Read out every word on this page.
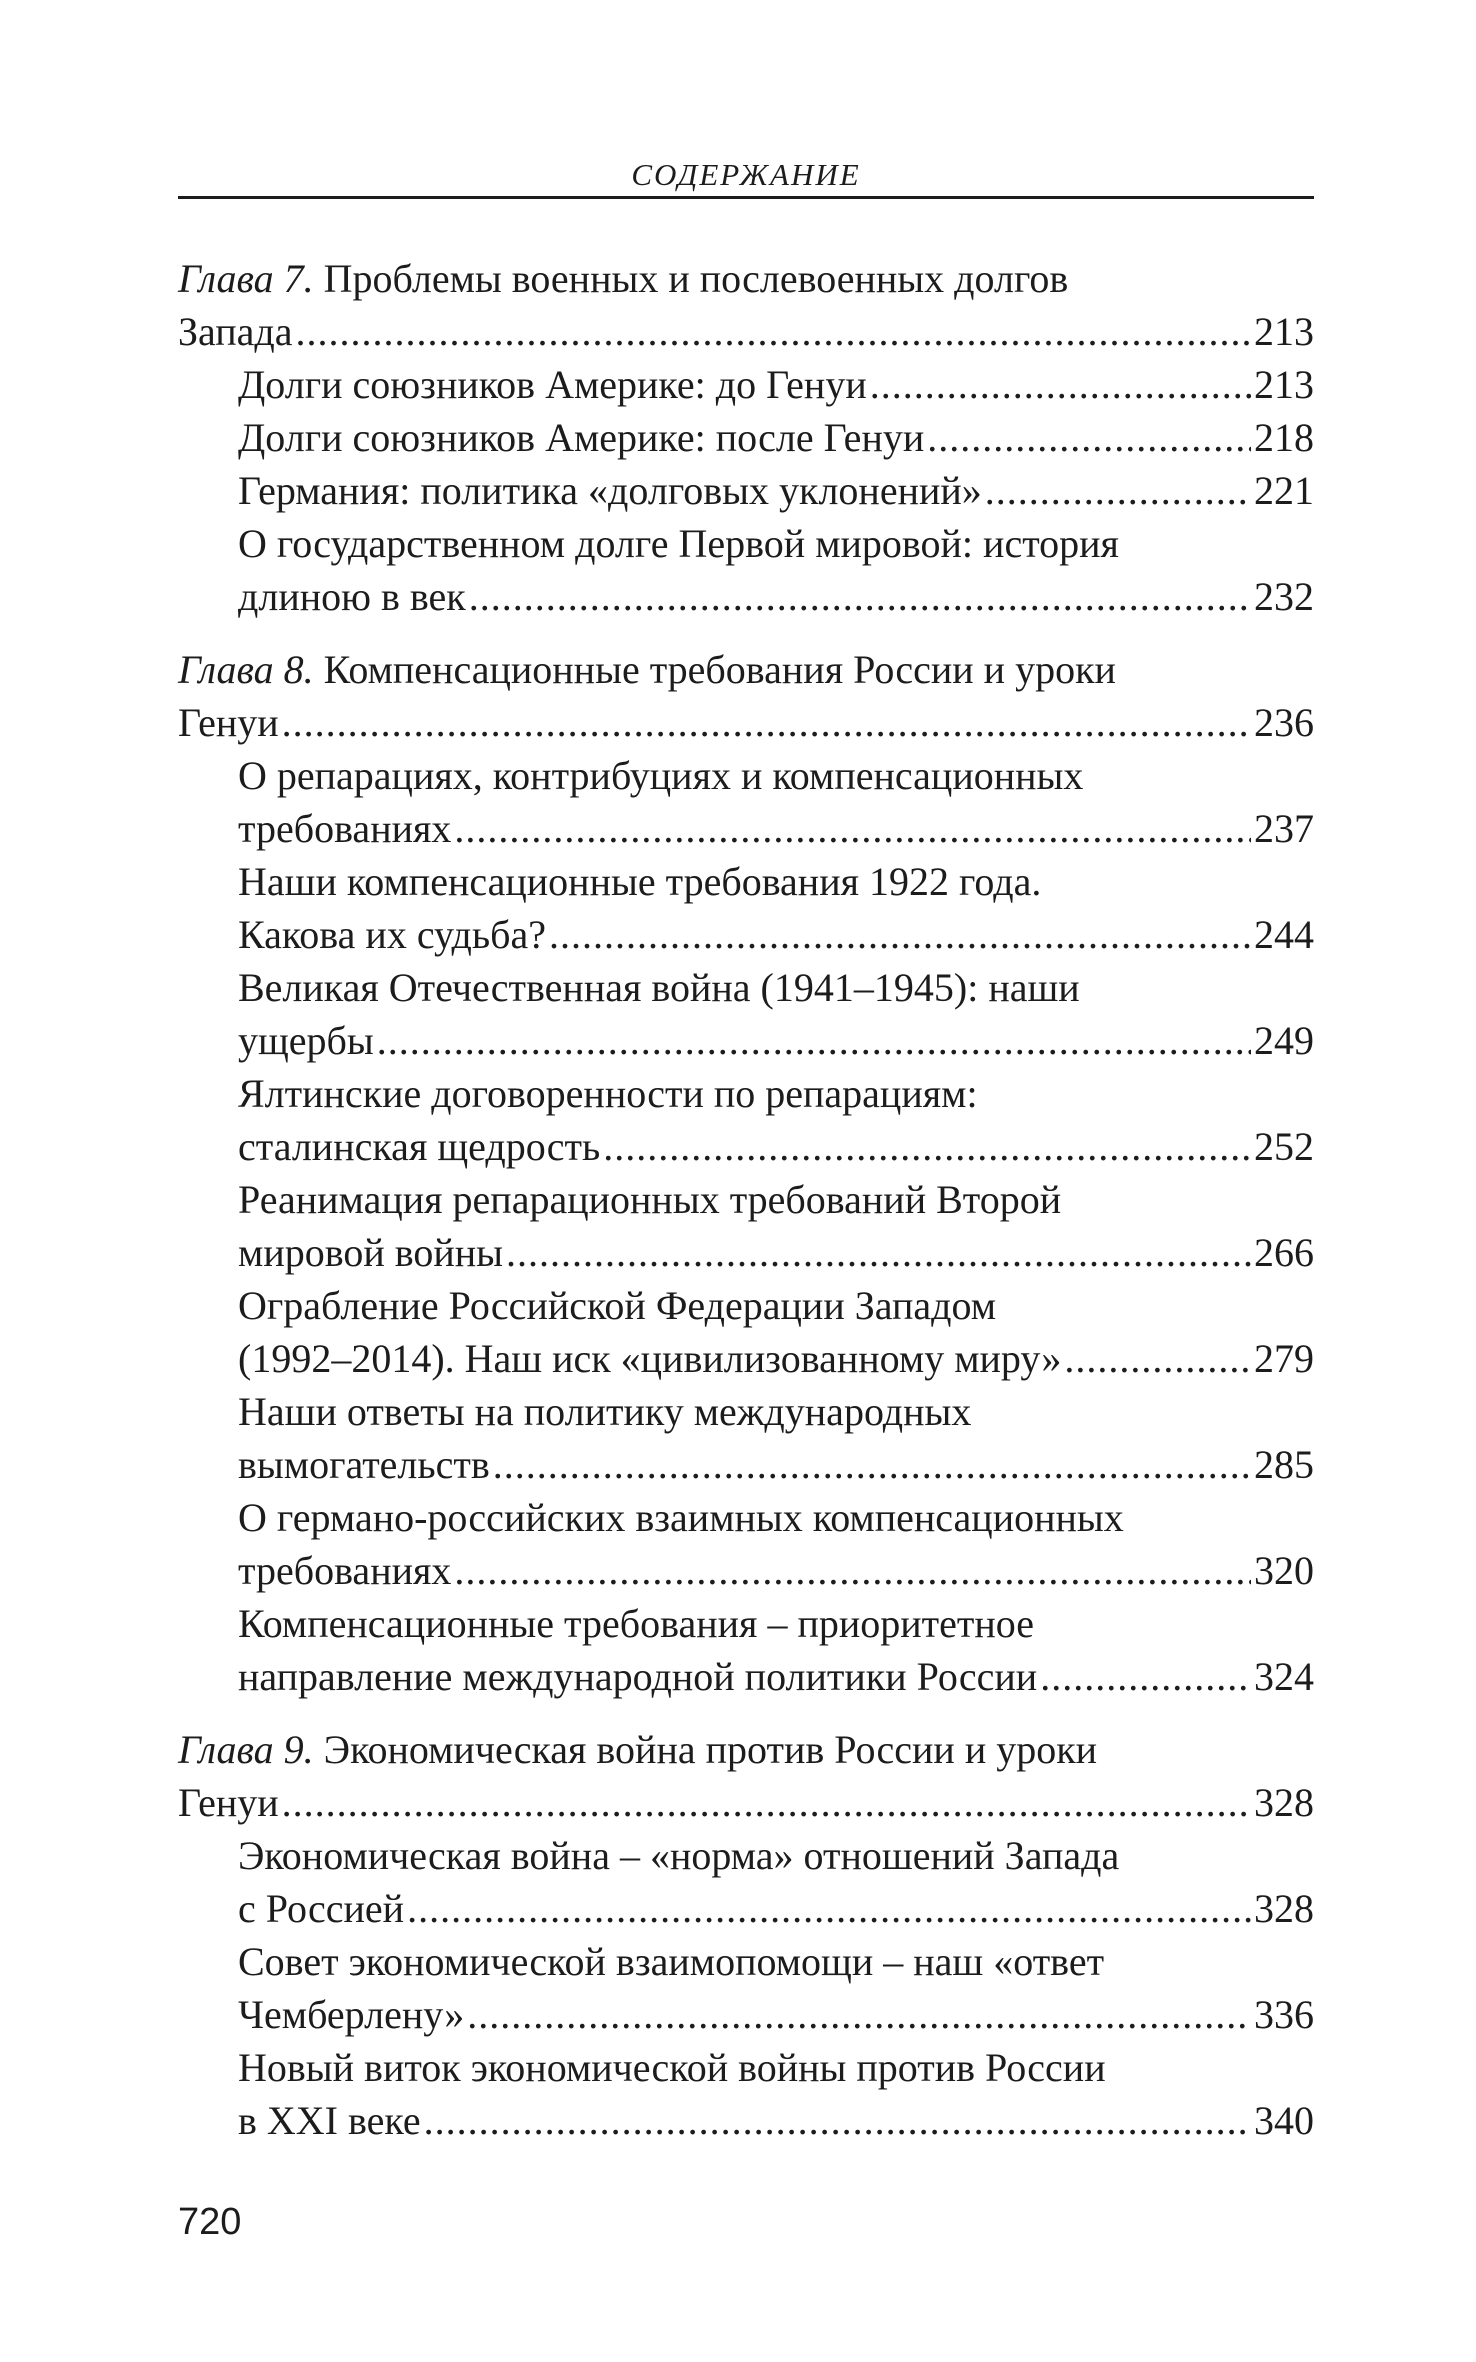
СОДЕРЖАНИЕ
Глава 7. Проблемы военных и послевоенных долгов
Запада .....	213
Долги союзников Америке: до Генуи .....	213
Долги союзников Америке: после Генуи .....	218
Германия: политика «долговых уклонений» .....	221
О государственном долге Первой мировой: история
длиною в век .....	232
Глава 8. Компенсационные требования России и уроки
Генуи .....	236
О репарациях, контрибуциях и компенсационных
требованиях .....	237
Наши компенсационные требования 1922 года.
Какова их судьба? .....	244
Великая Отечественная война (1941–1945): наши
ущербы .....	249
Ялтинские договоренности по репарациям:
сталинская щедрость .....	252
Реанимация репарационных требований Второй
мировой войны .....	266
Ограбление Российской Федерации Западом
(1992–2014). Наш иск «цивилизованному миру» .....	279
Наши ответы на политику международных
вымогательств .....	285
О германо-российских взаимных компенсационных
требованиях .....	320
Компенсационные требования – приоритетное
направление международной политики России .....	324
Глава 9. Экономическая война против России и уроки
Генуи .....	328
Экономическая война – «норма» отношений Запада
с Россией .....	328
Совет экономической взаимопомощи – наш «ответ
Чемберлену» .....	336
Новый виток экономической войны против России
в XXI веке .....	340
720
